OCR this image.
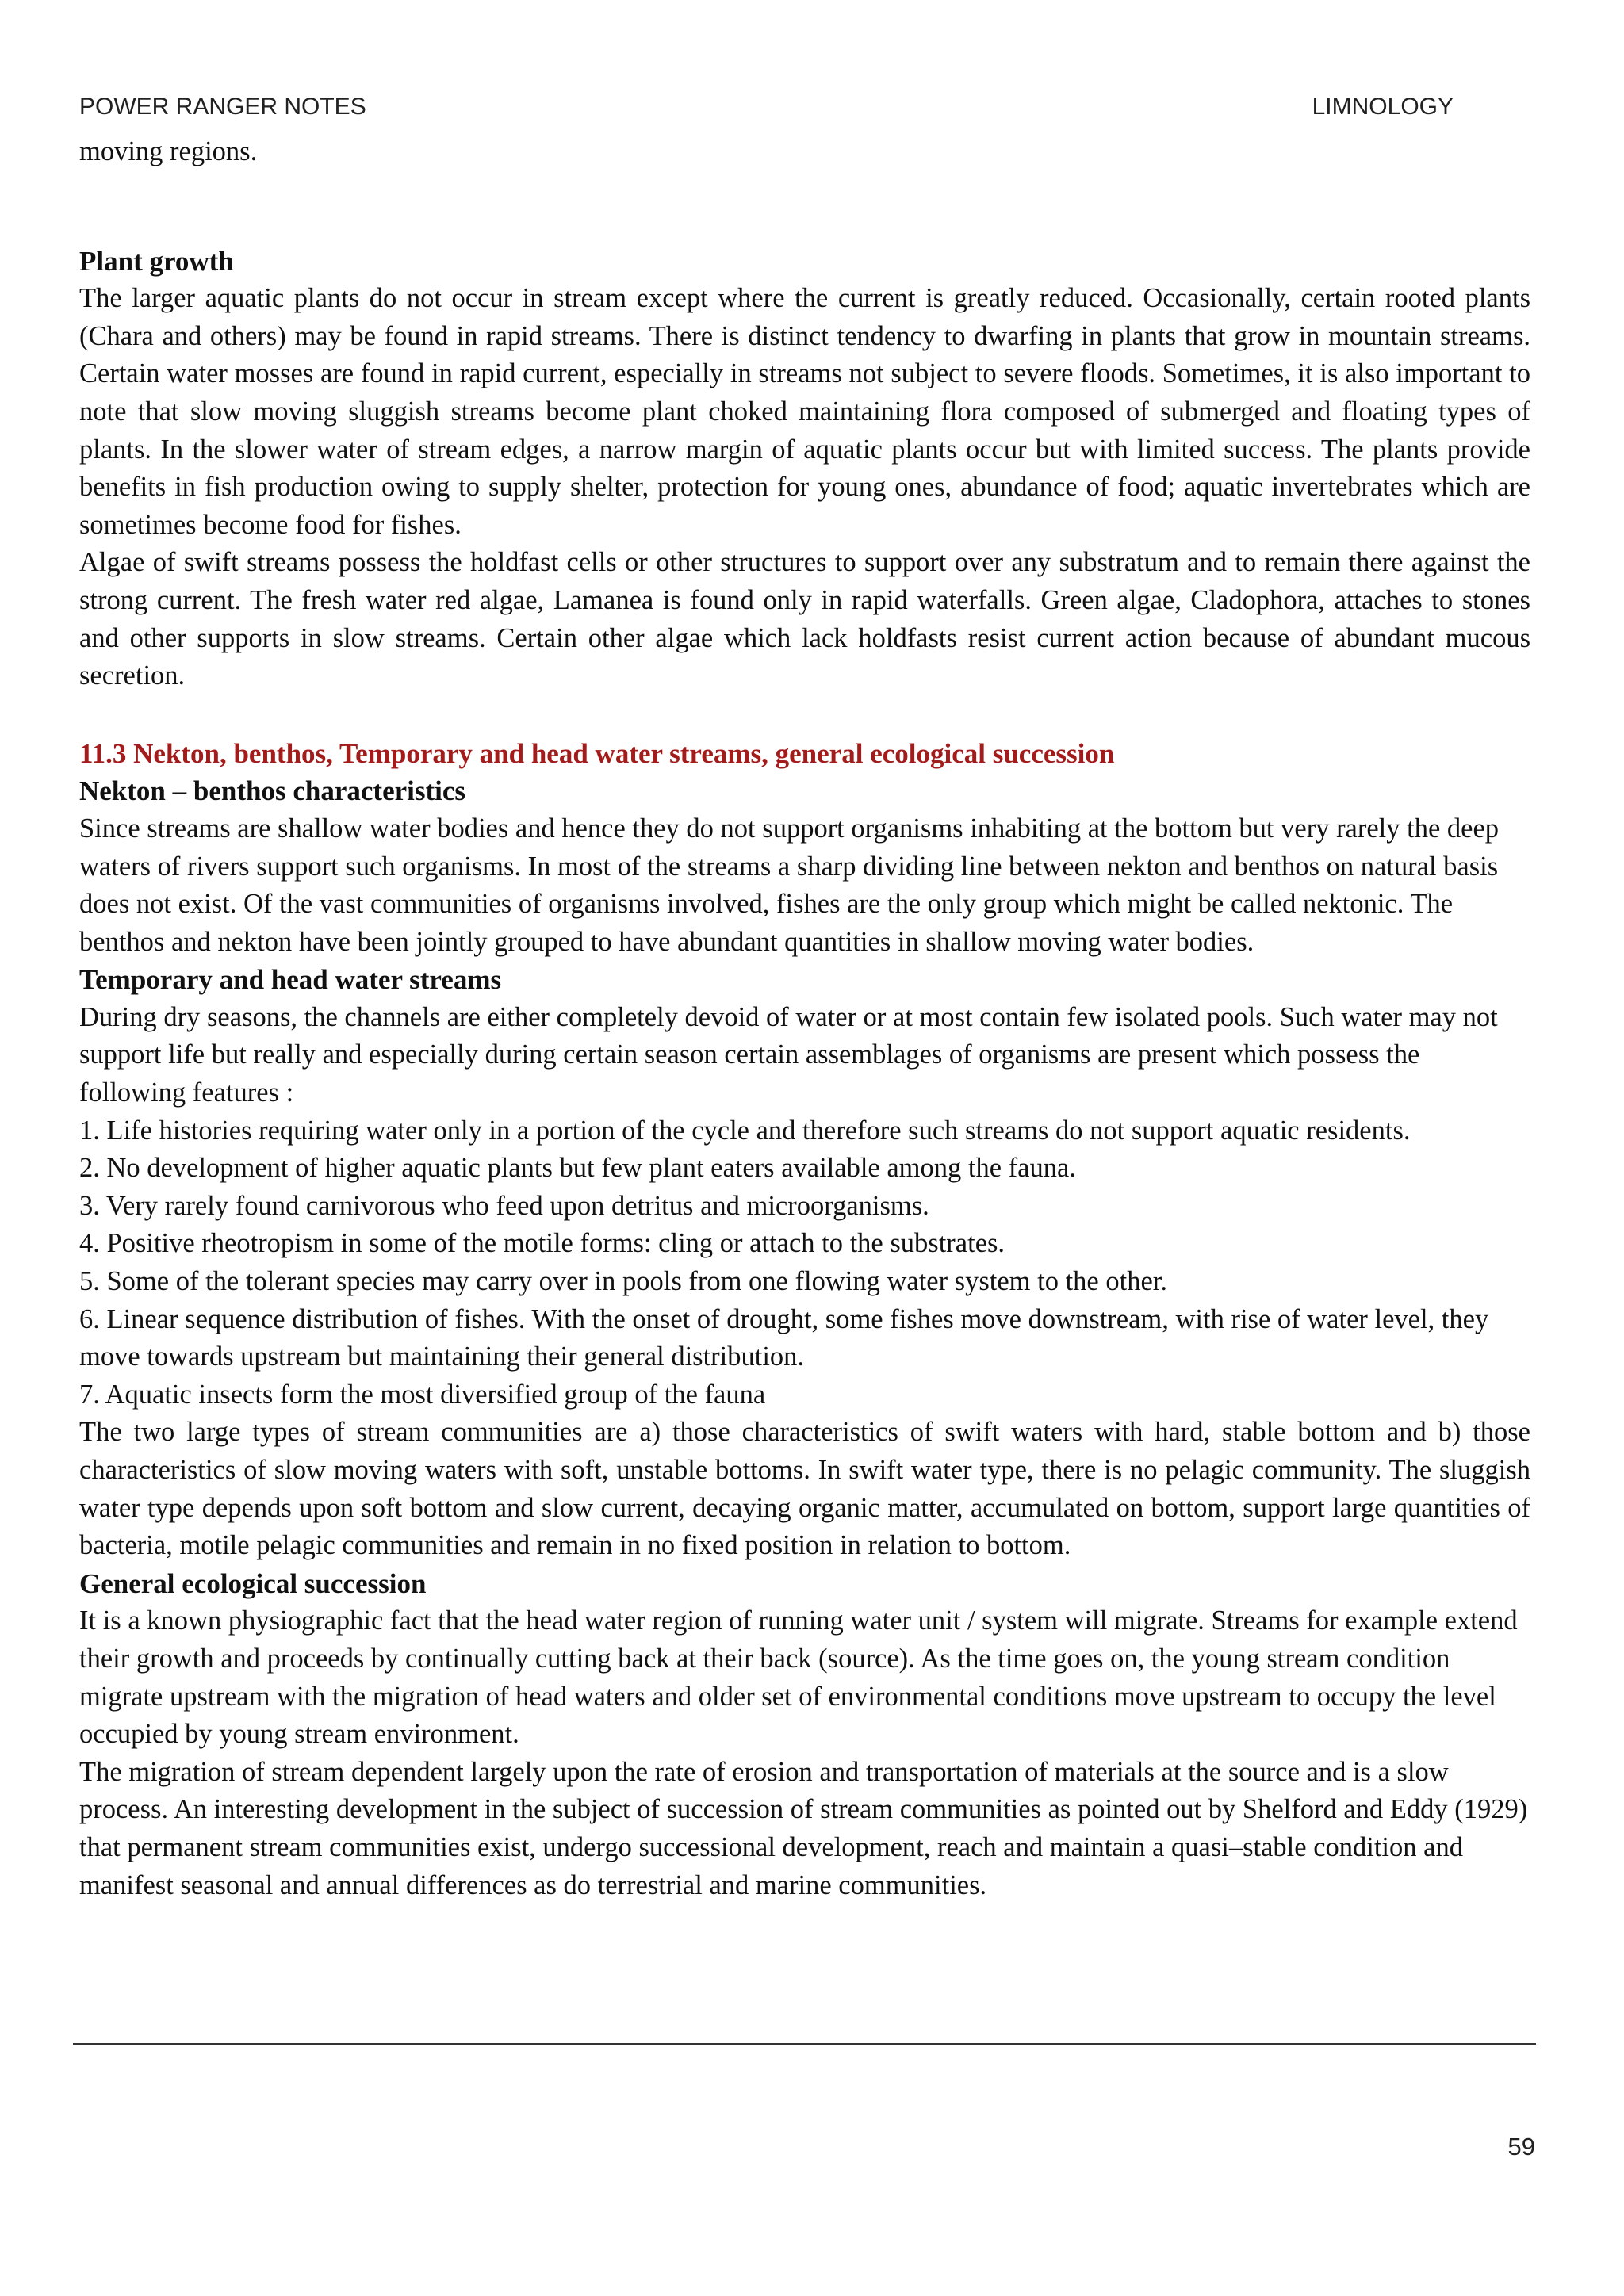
POWER RANGER NOTES	LIMNOLOGY

moving regions.

Plant growth

The larger aquatic plants do not occur in stream except where the current is greatly reduced. Occasionally, certain rooted plants (Chara and others) may be found in rapid streams. There is distinct tendency to dwarfing in plants that grow in mountain streams. Certain water mosses are found in rapid current, especially in streams not subject to severe floods. Sometimes, it is also important to note that slow moving sluggish streams become plant choked maintaining flora composed of submerged and floating types of plants. In the slower water of stream edges, a narrow margin of aquatic plants occur but with limited success. The plants provide benefits in fish production owing to supply shelter, protection for young ones, abundance of food; aquatic invertebrates which are sometimes become food for fishes.

Algae of swift streams possess the holdfast cells or other structures to support over any substratum and to remain there against the strong current. The fresh water red algae, Lamanea is found only in rapid waterfalls. Green algae, Cladophora, attaches to stones and other supports in slow streams. Certain other algae which lack holdfasts resist current action because of abundant mucous secretion.

11.3 Nekton, benthos, Temporary and head water streams, general ecological succession

Nekton – benthos characteristics

Since streams are shallow water bodies and hence they do not support organisms inhabiting at the bottom but very rarely the deep waters of rivers support such organisms. In most of the streams a sharp dividing line between nekton and benthos on natural basis does not exist. Of the vast communities of organisms involved, fishes are the only group which might be called nektonic. The benthos and nekton have been jointly grouped to have abundant quantities in shallow moving water bodies.

Temporary and head water streams

During dry seasons, the channels are either completely devoid of water or at most contain few isolated pools. Such water may not support life but really and especially during certain season certain assemblages of organisms are present which possess the following features :

1. Life histories requiring water only in a portion of the cycle and therefore such streams do not support aquatic residents.
2. No development of higher aquatic plants but few plant eaters available among the fauna.
3. Very rarely found carnivorous who feed upon detritus and microorganisms.
4. Positive rheotropism in some of the motile forms: cling or attach to the substrates.
5. Some of the tolerant species may carry over in pools from one flowing water system to the other.
6. Linear sequence distribution of fishes. With the onset of drought, some fishes move downstream, with rise of water level, they move towards upstream but maintaining their general distribution.
7. Aquatic insects form the most diversified group of the fauna

The two large types of stream communities are a) those characteristics of swift waters with hard, stable bottom and b) those characteristics of slow moving waters with soft, unstable bottoms. In swift water type, there is no pelagic community. The sluggish water type depends upon soft bottom and slow current, decaying organic matter, accumulated on bottom, support large quantities of bacteria, motile pelagic communities and remain in no fixed position in relation to bottom.

General ecological succession

It is a known physiographic fact that the head water region of running water unit / system will migrate. Streams for example extend their growth and proceeds by continually cutting back at their back (source). As the time goes on, the young stream condition migrate upstream with the migration of head waters and older set of environmental conditions move upstream to occupy the level occupied by young stream environment.

The migration of stream dependent largely upon the rate of erosion and transportation of materials at the source and is a slow process. An interesting development in the subject of succession of stream communities as pointed out by Shelford and Eddy (1929) that permanent stream communities exist, undergo successional development, reach and maintain a quasi–stable condition and manifest seasonal and annual differences as do terrestrial and marine communities.

59
